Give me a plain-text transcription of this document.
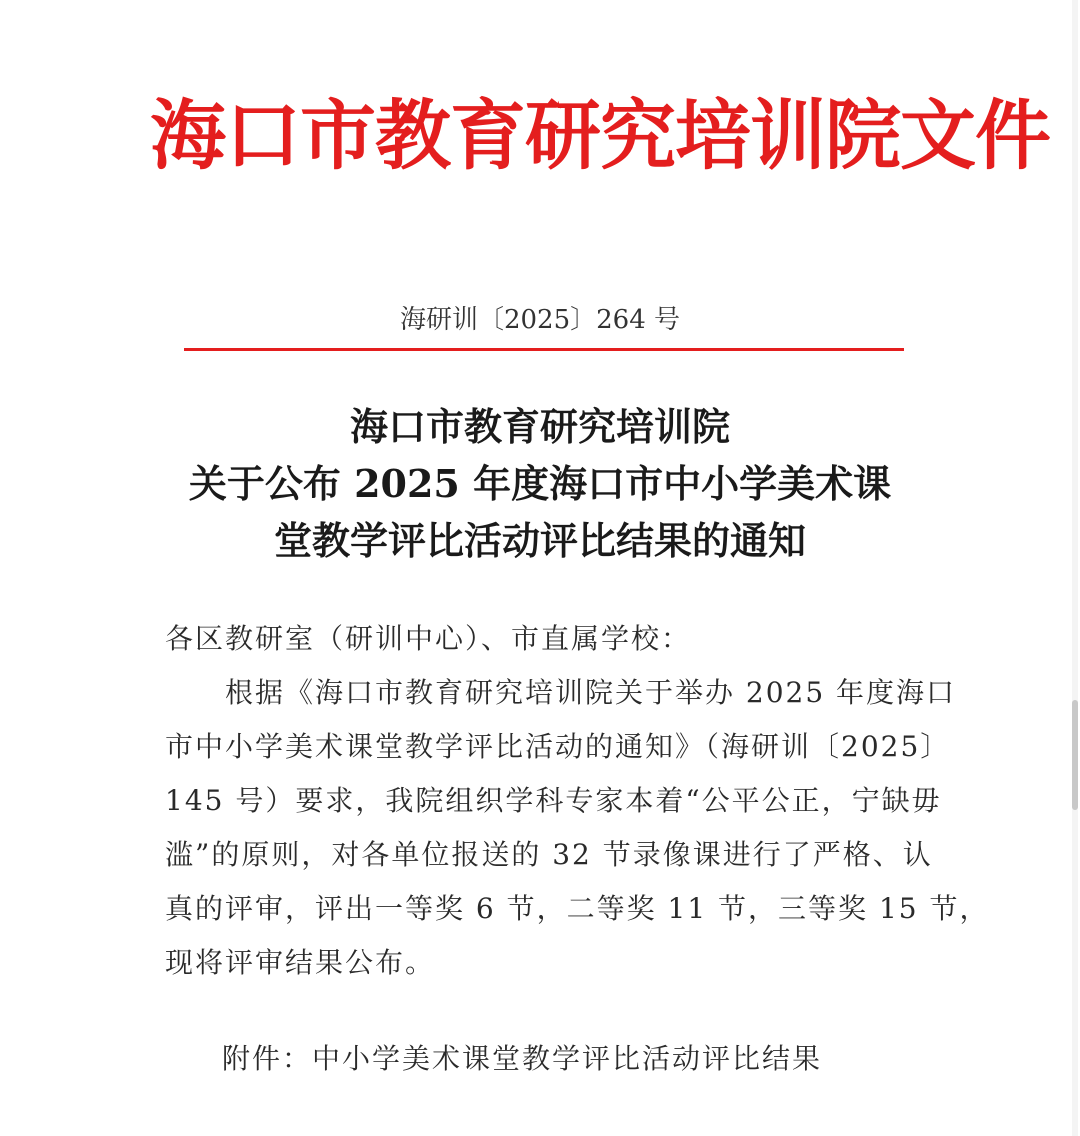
海口市教育研究培训院文件
海研训〔2025〕264 号
海口市教育研究培训院
关于公布 2025 年度海口市中小学美术课
堂教学评比活动评比结果的通知
各区教研室（研训中心）、市直属学校：
　　根据《海口市教育研究培训院关于举办 2025 年度海口
市中小学美术课堂教学评比活动的通知》（海研训〔2025〕
145 号）要求，我院组织学科专家本着“公平公正，宁缺毋
滥”的原则，对各单位报送的 32 节录像课进行了严格、认
真的评审，评出一等奖 6 节，二等奖 11 节，三等奖 15 节，
现将评审结果公布。
附件：中小学美术课堂教学评比活动评比结果
